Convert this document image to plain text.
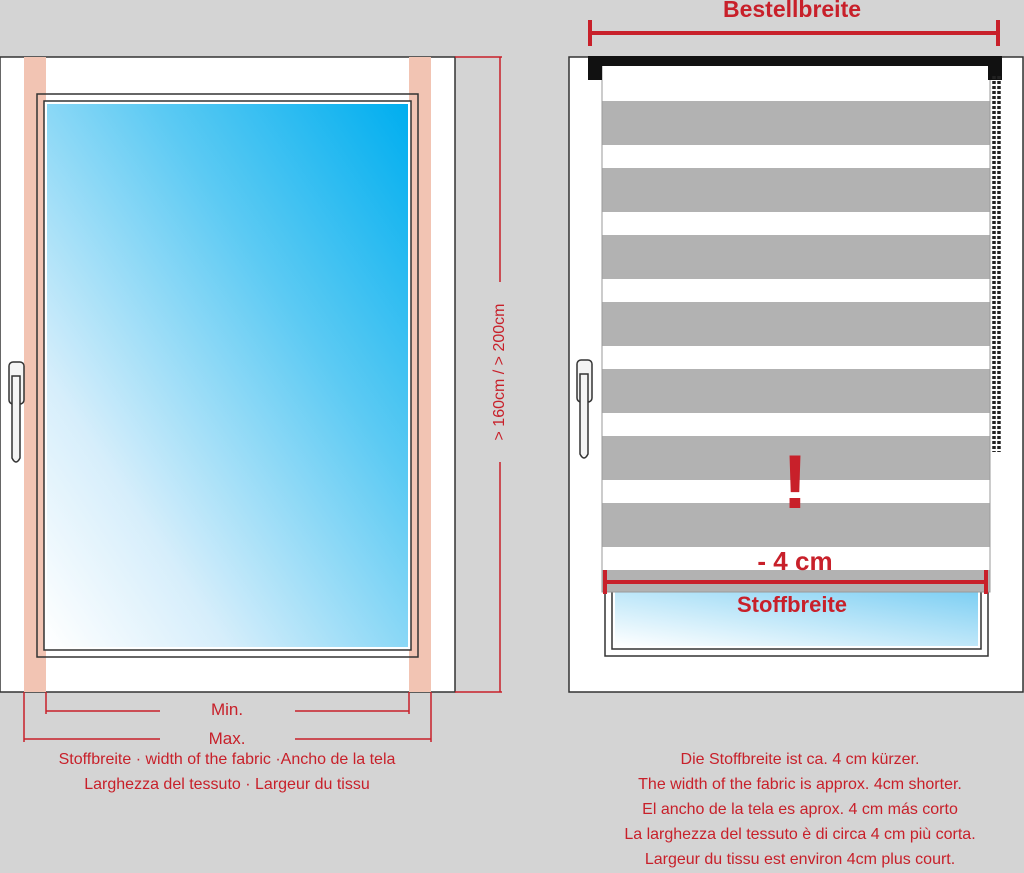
> 160cm / > 200cm
Min.
Max.
Stoffbreite · width of the fabric ·Ancho de la tela
Larghezza del tessuto · Largeur du tissu
Bestellbreite
!
- 4 cm
Stoffbreite
Die Stoffbreite ist ca. 4 cm kürzer.
The width of the fabric is approx. 4cm shorter.
El ancho de la tela es aprox. 4 cm más corto
La larghezza del tessuto è di circa 4 cm più corta.
Largeur du tissu est environ 4cm plus court.
